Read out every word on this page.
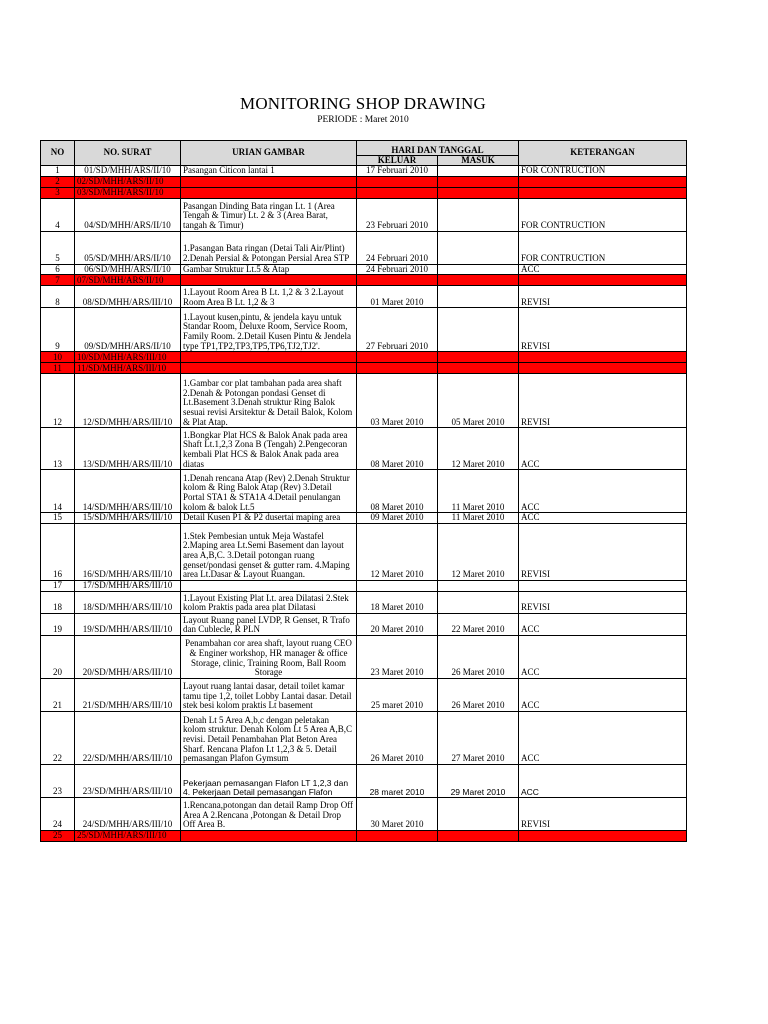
MONITORING SHOP DRAWING
PERIODE : Maret 2010
NO	NO. SURAT	URIAN GAMBAR	HARI DAN TANGGAL		KETERANGAN
			KELUAR	MASUK	
1	01/SD/MHH/ARS/II/10	Pasangan Citicon lantai 1	17 Februari 2010		FOR CONTRUCTION
2	02/SD/MHH/ARS/II/10				
3	03/SD/MHH/ARS/II/10				
4	04/SD/MHH/ARS/II/10	Pasangan Dinding Bata ringan Lt. 1 (Area Tengah & Timur) Lt. 2 & 3 (Area Barat, tangah & Timur)	23 Februari 2010		FOR CONTRUCTION
5	05/SD/MHH/ARS/II/10	1.Pasangan Bata ringan (Detai Tali Air/Plint) 2.Denah Persial & Potongan Persial Area STP	24 Februari 2010		FOR CONTRUCTION
6	06/SD/MHH/ARS/II/10	Gambar Struktur Lt.5 & Atap	24 Februari 2010		ACC
7	07/SD/MHH/ARS/II/10				
8	08/SD/MHH/ARS/III/10	1.Layout Room Area B Lt. 1,2 & 3 2.Layout Room Area B Lt. 1,2 & 3	01 Maret 2010		REVISI
9	09/SD/MHH/ARS/II/10	1.Layout kusen,pintu, & jendela kayu untuk Standar Room, Deluxe Room, Service Room, Family Room. 2.Detail Kusen Pintu & Jendela type TP1,TP2,TP3,TP5,TP6,TJ2,TJ2'.	27 Februari 2010		REVISI
10	10/SD/MHH/ARS/III/10				
11	11/SD/MHH/ARS/III/10				
12	12/SD/MHH/ARS/III/10	1.Gambar cor plat tambahan pada area shaft 2.Denah & Potongan pondasi Genset di Lt.Basement 3.Denah struktur Ring Balok sesuai revisi Arsitektur & Detail Balok, Kolom & Plat Atap.	03 Maret 2010	05 Maret 2010	REVISI
13	13/SD/MHH/ARS/III/10	1.Bongkar Plat HCS & Balok Anak pada area Shaft Lt.1,2,3 Zona B (Tengah) 2.Pengecoran kembali Plat HCS & Balok Anak pada area diatas	08 Maret 2010	12 Maret 2010	ACC
14	14/SD/MHH/ARS/III/10	1.Denah rencana Atap (Rev) 2.Denah Struktur kolom & Ring Balok Atap (Rev) 3.Detail Portal STA1 & STA1A 4.Detail penulangan kolom & balok Lt.5	08 Maret 2010	11 Maret 2010	ACC
15	15/SD/MHH/ARS/III/10	Detail Kusen P1 & P2 dusertai maping area	09 Maret 2010	11 Maret 2010	ACC
16	16/SD/MHH/ARS/III/10	1.Stek Pembesian untuk Meja Wastafel 2.Maping area Lt.Semi Basement dan layout area A,B,C. 3.Detail potongan ruang genset/pondasi genset & gutter ram. 4.Maping area Lt.Dasar & Layout Ruangan.	12 Maret 2010	12 Maret 2010	REVISI
17	17/SD/MHH/ARS/III/10				
18	18/SD/MHH/ARS/III/10	1.Layout Existing Plat Lt. area Dilatasi 2.Stek kolom Praktis pada area plat Dilatasi	18 Maret 2010		REVISI
19	19/SD/MHH/ARS/III/10	Layout Ruang panel LVDP, R Genset, R Trafo dan Cublecle, R PLN	20 Maret 2010	22 Maret 2010	ACC
20	20/SD/MHH/ARS/III/10	Penambahan cor area shaft, layout ruang CEO & Enginer workshop, HR manager & office Storage, clinic, Training Room, Ball Room Storage	23 Maret 2010	26 Maret 2010	ACC
21	21/SD/MHH/ARS/III/10	Layout ruang lantai dasar, detail toilet kamar tamu tipe 1,2, toilet Lobby Lantai dasar. Detail stek besi kolom praktis Lt basement	25 maret 2010	26 Maret 2010	ACC
22	22/SD/MHH/ARS/III/10	Denah Lt 5 Area A,b,c dengan peletakan kolom struktur. Denah Kolom Lt 5 Area A,B,C revisi. Detail Penambahan Plat Beton Area Sharf. Rencana Plafon Lt 1,2,3 & 5. Detail pemasangan Plafon Gymsum	26 Maret 2010	27 Maret 2010	ACC
23	23/SD/MHH/ARS/III/10	Pekerjaan pemasangan Flafon LT 1,2,3 dan 4. Pekerjaan Detail pemasangan Flafon	28 maret 2010	29 Maret 2010	ACC
24	24/SD/MHH/ARS/III/10	1.Rencana,potongan dan detail Ramp Drop Off Area A 2.Rencana ,Potongan & Detail Drop Off Area B.	30 Maret 2010		REVISI
25	25/SD/MHH/ARS/III/10				
